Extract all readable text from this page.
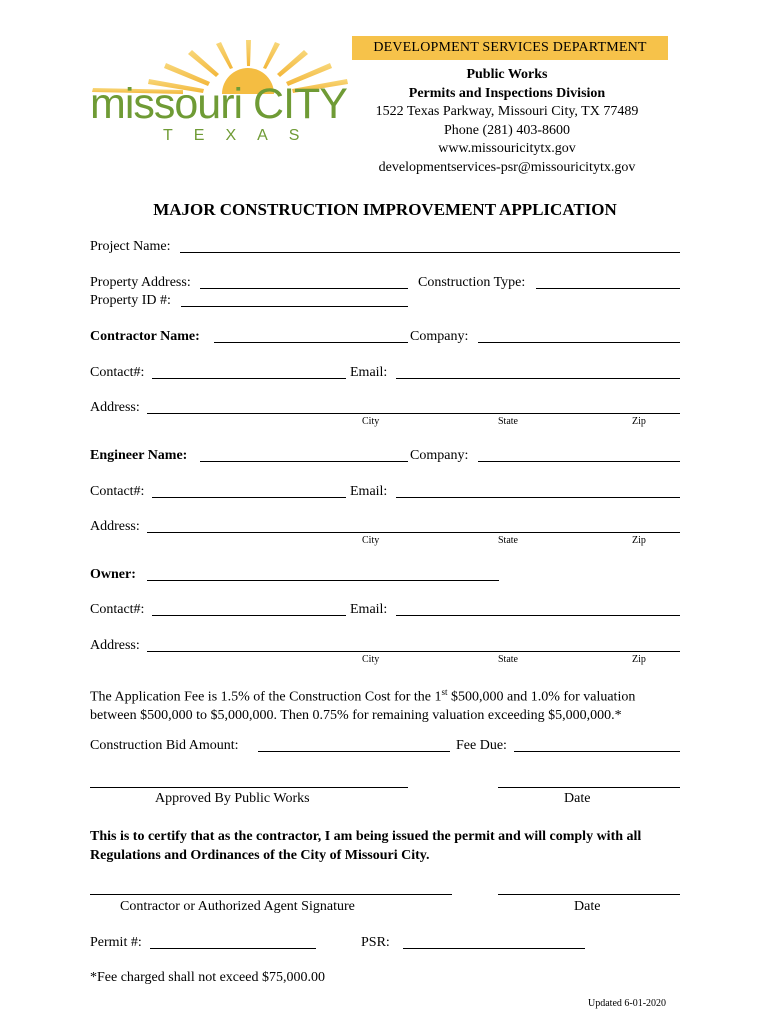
missouri CITY
TEXAS
DEVELOPMENT SERVICES DEPARTMENT
Public Works
Permits and Inspections Division
1522 Texas Parkway, Missouri City, TX 77489
Phone (281) 403-8600
www.missouricitytx.gov
developmentservices-psr@missouricitytx.gov
MAJOR CONSTRUCTION IMPROVEMENT APPLICATION
Project Name:
Property Address:	Construction Type:
Property ID #:
Contractor Name:	Company:
Contact#:	Email:
Address:
City	State	Zip
Engineer Name:	Company:
Contact#:	Email:
Address:
City	State	Zip
Owner:
Contact#:	Email:
Address:
City	State	Zip
The Application Fee is 1.5% of the Construction Cost for the 1st $500,000 and 1.0% for valuation between $500,000 to $5,000,000. Then 0.75% for remaining valuation exceeding $5,000,000.*
Construction Bid Amount:	Fee Due:
Approved By Public Works	Date
This is to certify that as the contractor, I am being issued the permit and will comply with all Regulations and Ordinances of the City of Missouri City.
Contractor or Authorized Agent Signature	Date
Permit #:	PSR:
*Fee charged shall not exceed $75,000.00
Updated 6-01-2020
